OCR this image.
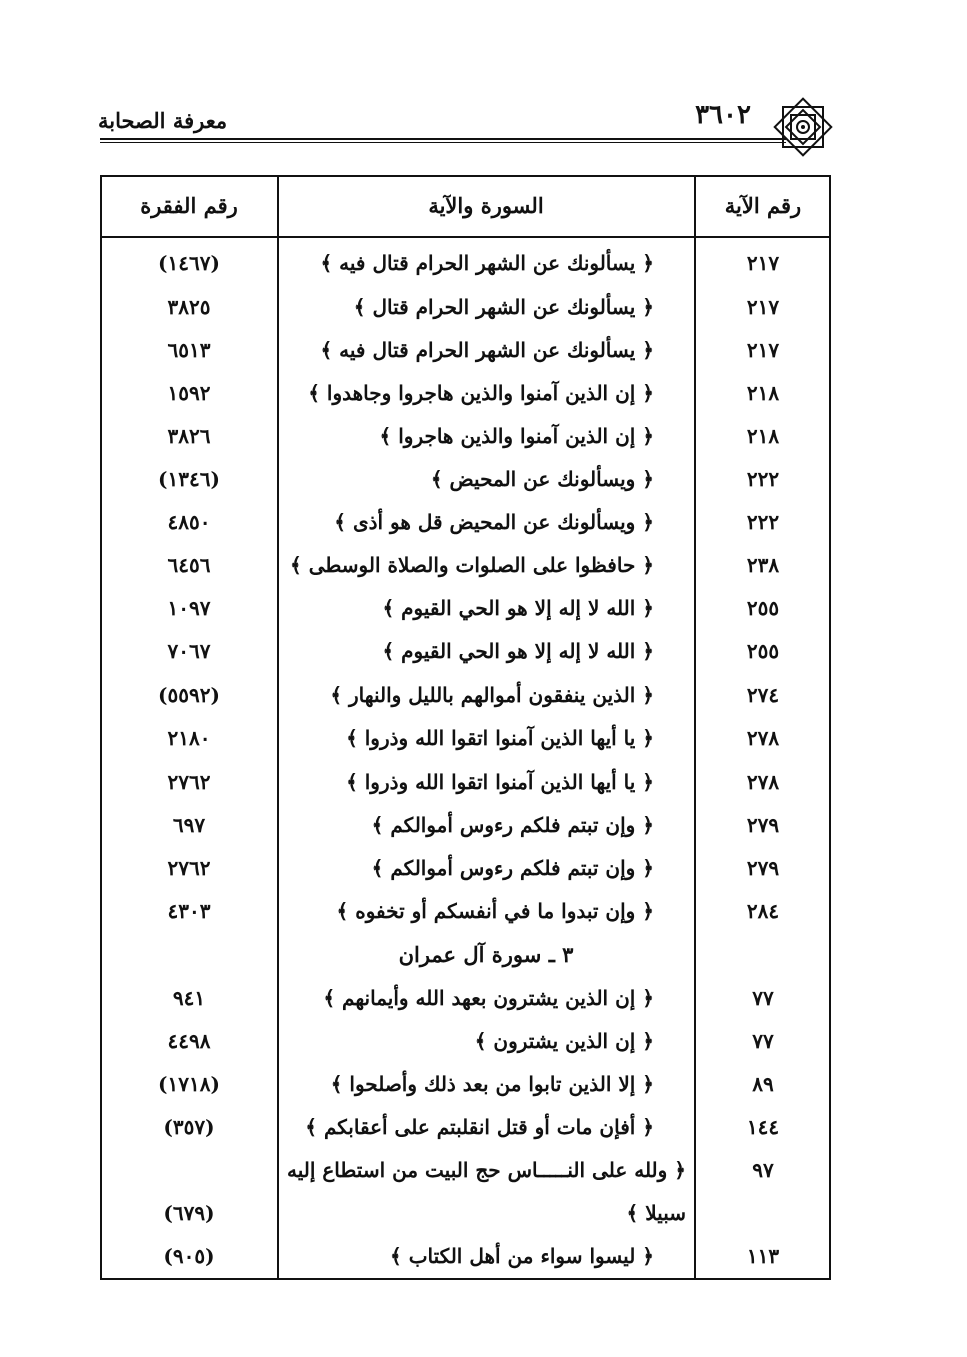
معرفة الصحابة	٣٦٠٢
رقم الآية
السورة والآية
رقم الفقرة
٢١٧
﴿ يسألونك عن الشهر الحرام قتال فيه ﴾
(١٤٦٧)
٢١٧
﴿ يسألونك عن الشهر الحرام قتال ﴾
٣٨٢٥
٢١٧
﴿ يسألونك عن الشهر الحرام قتال فيه ﴾
٦٥١٣
٢١٨
﴿ إن الذين آمنوا والذين هاجروا وجاهدوا ﴾
١٥٩٢
٢١٨
﴿ إن الذين آمنوا والذين هاجروا ﴾
٣٨٢٦
٢٢٢
﴿ ويسألونك عن المحيض ﴾
(١٣٤٦)
٢٢٢
﴿ ويسألونك عن المحيض قل هو أذى ﴾
٤٨٥٠
٢٣٨
﴿ حافظوا على الصلوات والصلاة الوسطى ﴾
٦٤٥٦
٢٥٥
﴿ الله لا إله إلا هو الحي القيوم ﴾
١٠٩٧
٢٥٥
﴿ الله لا إله إلا هو الحي القيوم ﴾
٧٠٦٧
٢٧٤
﴿ الذين ينفقون أموالهم بالليل والنهار ﴾
(٥٥٩٢)
٢٧٨
﴿ يا أيها الذين آمنوا اتقوا الله وذروا ﴾
٢١٨٠
٢٧٨
﴿ يا أيها الذين آمنوا اتقوا الله وذروا ﴾
٢٧٦٢
٢٧٩
﴿ وإن تبتم فلكم رءوس أموالكم ﴾
٦٩٧
٢٧٩
﴿ وإن تبتم فلكم رءوس أموالكم ﴾
٢٧٦٢
٢٨٤
﴿ وإن تبدوا ما في أنفسكم أو تخفوه ﴾
٤٣٠٣
٣ ـ سورة آل عمران
٧٧
﴿ إن الذين يشترون بعهد الله وأيمانهم ﴾
٩٤١
٧٧
﴿ إن الذين يشترون ﴾
٤٤٩٨
٨٩
﴿ إلا الذين تابوا من بعد ذلك وأصلحوا ﴾
(١٧١٨)
١٤٤
﴿ أفإن مات أو قتل انقلبتم على أعقابكم ﴾
(٣٥٧)
٩٧
﴿ ولله على النـــــاس حج البيت من استطاع إليه
سبيلا ﴾
(٦٧٩)
١١٣
﴿ ليسوا سواء من أهل الكتاب ﴾
(٩٠٥)
